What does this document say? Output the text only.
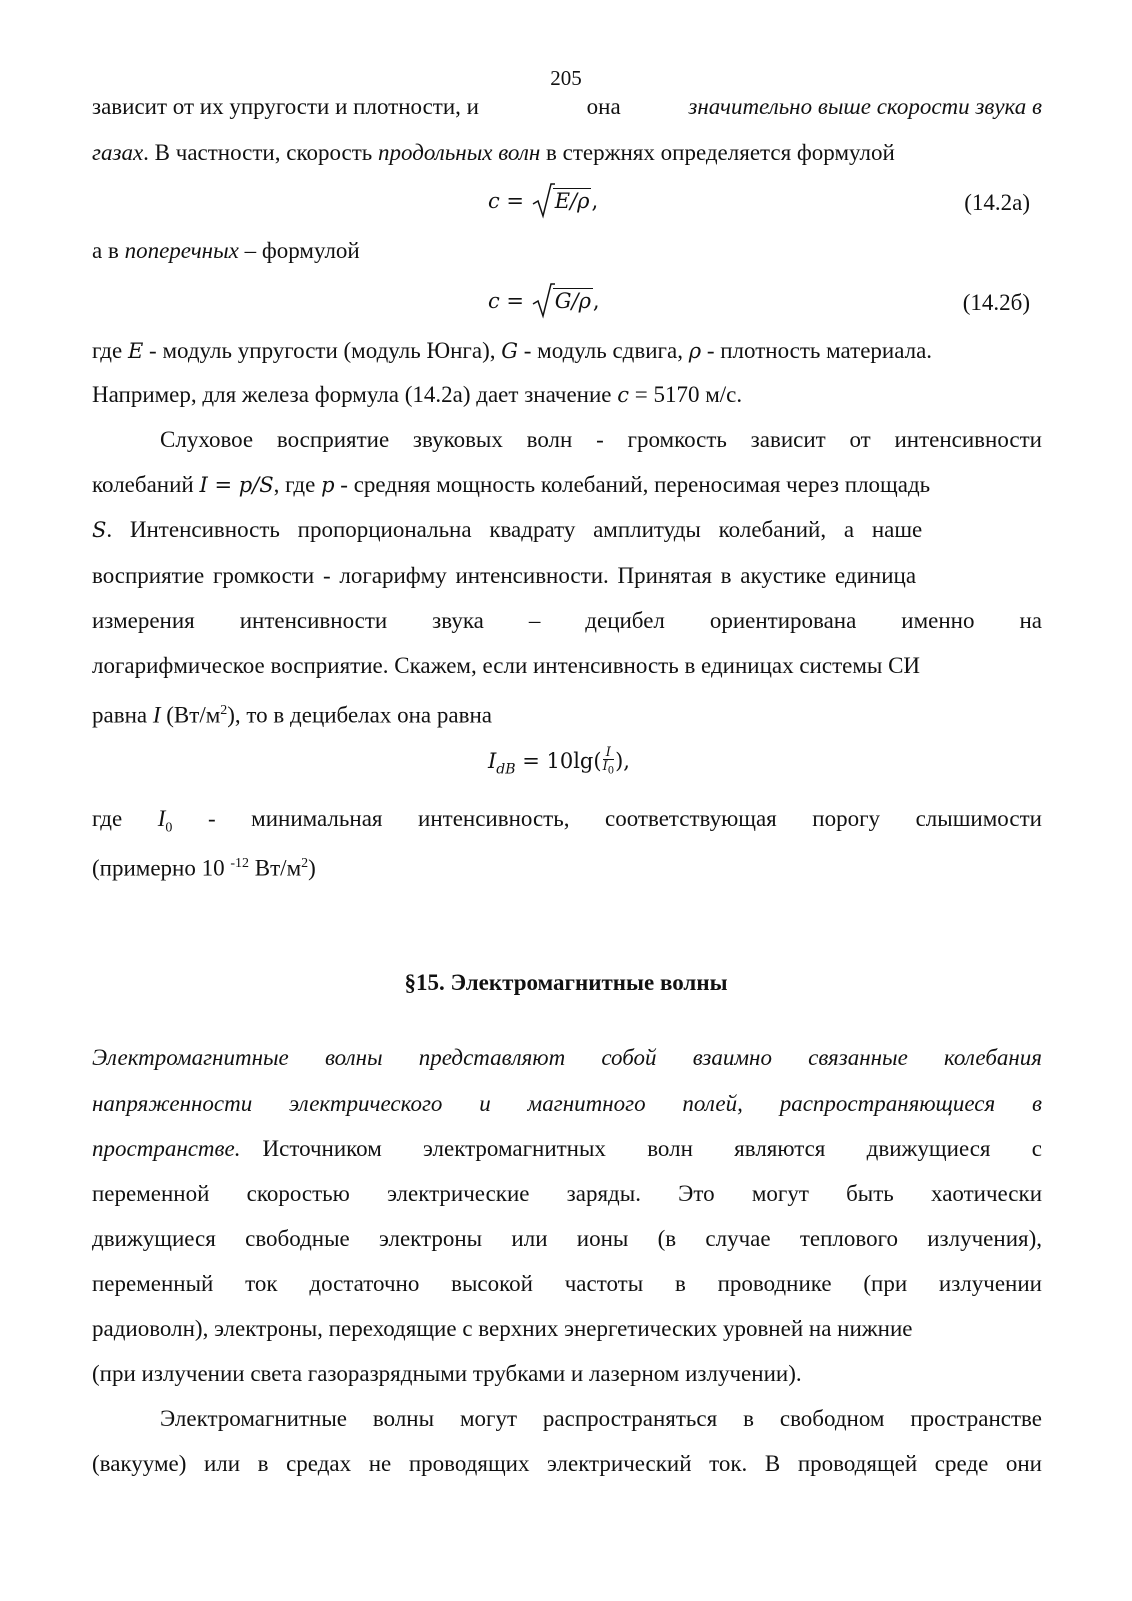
205
зависит от их упругости и плотности, и	она	значительно выше скорости звука в
газах. В частности, скорость продольных волн в стержнях определяется формулой
c =
E/ρ,	(14.2а)
а в поперечных – формулой
c =
G/ρ,	(14.2б)
где E - модуль упругости (модуль Юнга), G - модуль сдвига, ρ - плотность материала.
Например, для железа формула (14.2а) дает значение c = 5170 м/с.
Слуховое восприятие звуковых волн - громкость зависит от интенсивности
колебаний I = p/S, где p - средняя мощность колебаний, переносимая через площадь
S. Интенсивность пропорциональна квадрату амплитуды колебаний, а наше
восприятие громкости - логарифму интенсивности. Принятая в акустике единица
измерения интенсивности звука – децибел ориентирована именно на
логарифмическое восприятие. Скажем, если интенсивность в единицах системы СИ
равна I $(Вт/м^2)$, то в децибелах она равна
$I_{dB} = 10\lg( \frac{I}{I_0}$ ),
где $I_0$ - минимальная интенсивность, соответствующая порогу слышимости
(примерно 10 $^{-12}$ $Вт/м^2$)
§15. Электромагнитные волны
Электромагнитные волны представляют собой взаимно связанные колебания
напряженности электрического и магнитного полей, распространяющиеся в
пространстве. Источником электромагнитных волн являются движущиеся с
переменной скоростью электрические заряды. Это могут быть хаотически
движущиеся свободные электроны или ионы (в случае теплового излучения),
переменный ток достаточно высокой частоты в проводнике (при излучении
радиоволн), электроны, переходящие с верхних энергетических уровней на нижние
(при излучении света газоразрядными трубками и лазерном излучении).
Электромагнитные волны могут распространяться в свободном пространстве
(вакууме) или в средах не проводящих электрический ток. В проводящей среде они
